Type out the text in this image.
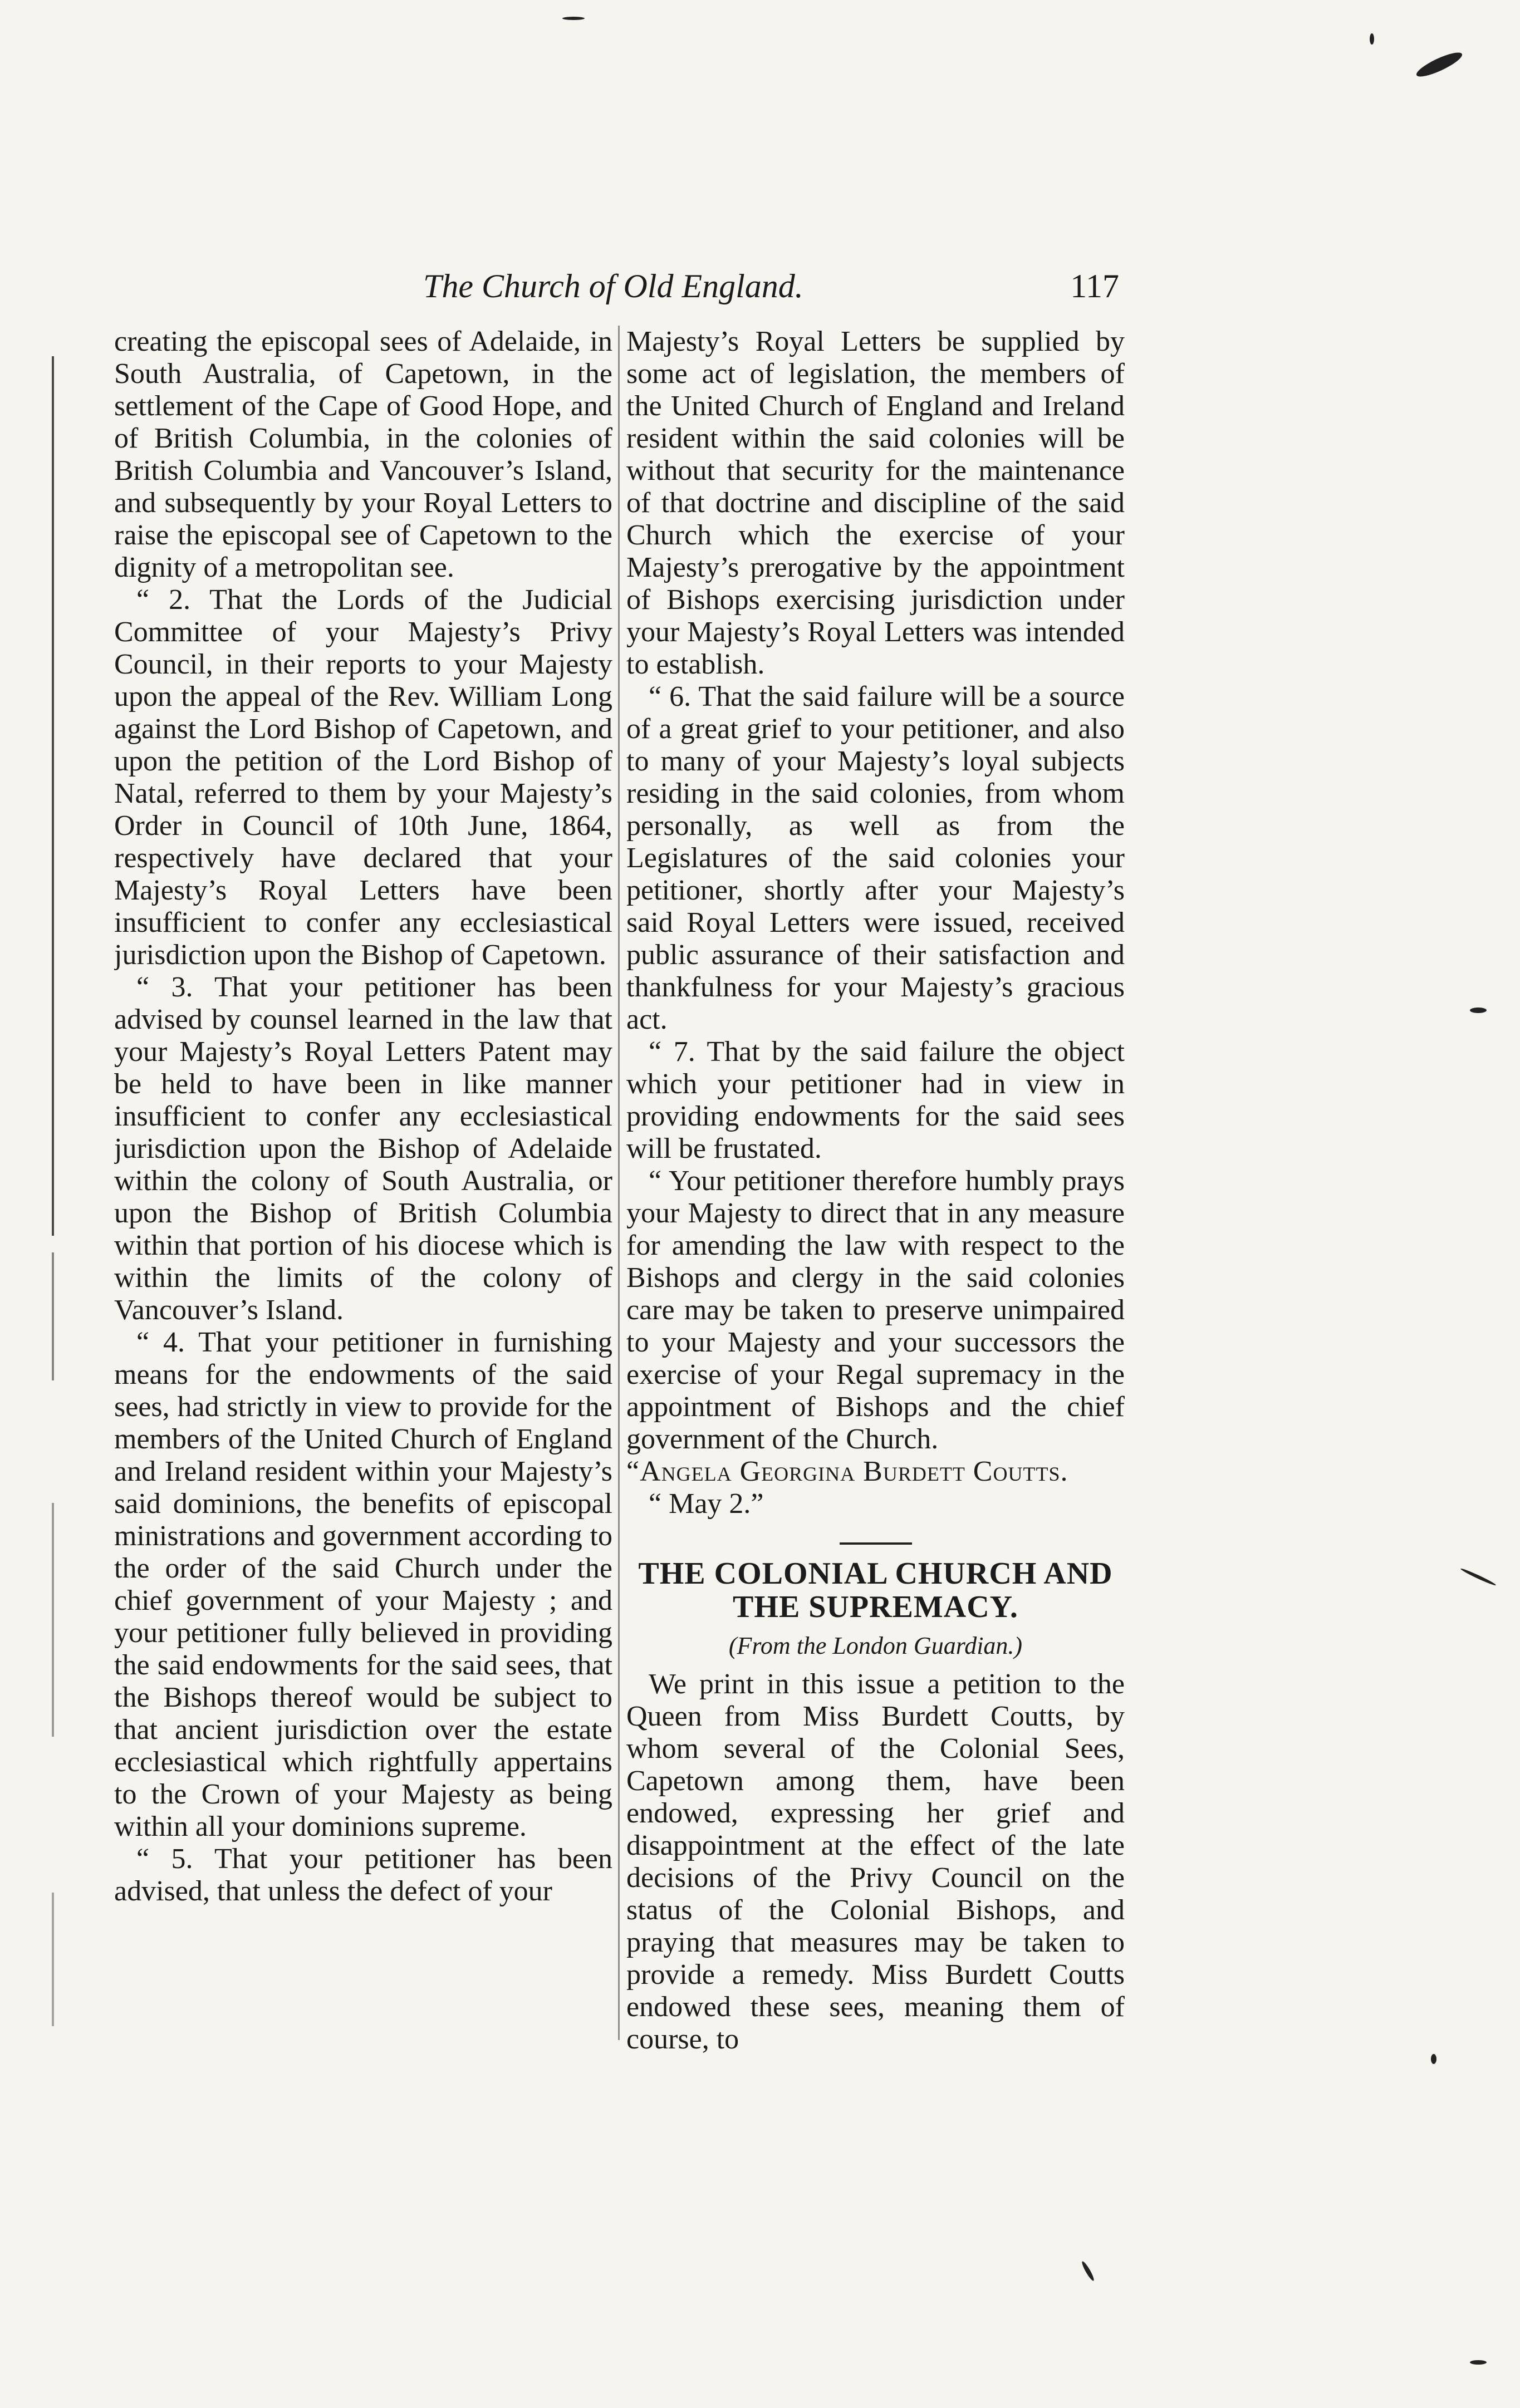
The Church of Old England.	117

creating the episcopal sees of Adelaide, in South Australia, of Capetown, in the settlement of the Cape of Good Hope, and of British Columbia, in the colonies of British Columbia and Vancouver’s Island, and subsequently by your Royal Letters to raise the episcopal see of Capetown to the dignity of a metropolitan see.

“ 2. That the Lords of the Judicial Committee of your Majesty’s Privy Council, in their reports to your Majesty upon the appeal of the Rev. William Long against the Lord Bishop of Capetown, and upon the petition of the Lord Bishop of Natal, referred to them by your Majesty’s Order in Council of 10th June, 1864, respectively have declared that your Majesty’s Royal Letters have been insufficient to confer any ecclesiastical jurisdiction upon the Bishop of Capetown.

“ 3. That your petitioner has been advised by counsel learned in the law that your Majesty’s Royal Letters Patent may be held to have been in like manner insufficient to confer any ecclesiastical jurisdiction upon the Bishop of Adelaide within the colony of South Australia, or upon the Bishop of British Columbia within that portion of his diocese which is within the limits of the colony of Vancouver’s Island.

“ 4. That your petitioner in furnishing means for the endowments of the said sees, had strictly in view to provide for the members of the United Church of England and Ireland resident within your Majesty’s said dominions, the benefits of episcopal ministrations and government according to the order of the said Church under the chief government of your Majesty ; and your petitioner fully believed in providing the said endowments for the said sees, that the Bishops thereof would be subject to that ancient jurisdiction over the estate ecclesiastical which rightfully appertains to the Crown of your Majesty as being within all your dominions supreme.

“ 5. That your petitioner has been advised, that unless the defect of your

Majesty’s Royal Letters be supplied by some act of legislation, the members of the United Church of England and Ireland resident within the said colonies will be without that security for the maintenance of that doctrine and discipline of the said Church which the exercise of your Majesty’s prerogative by the appointment of Bishops exercising jurisdiction under your Majesty’s Royal Letters was intended to establish.

“ 6. That the said failure will be a source of a great grief to your petitioner, and also to many of your Majesty’s loyal subjects residing in the said colonies, from whom personally, as well as from the Legislatures of the said colonies your petitioner, shortly after your Majesty’s said Royal Letters were issued, received public assurance of their satisfaction and thankfulness for your Majesty’s gracious act.

“ 7. That by the said failure the object which your petitioner had in view in providing endowments for the said sees will be frustated.

“ Your petitioner therefore humbly prays your Majesty to direct that in any measure for amending the law with respect to the Bishops and clergy in the said colonies care may be taken to preserve unimpaired to your Majesty and your successors the exercise of your Regal supremacy in the appointment of Bishops and the chief government of the Church.

“Angela Georgina Burdett Coutts.

“ May 2.”

THE COLONIAL CHURCH AND THE SUPREMACY.

(From the London Guardian.)

We print in this issue a petition to the Queen from Miss Burdett Coutts, by whom several of the Colonial Sees, Capetown among them, have been endowed, expressing her grief and disappointment at the effect of the late decisions of the Privy Council on the status of the Colonial Bishops, and praying that measures may be taken to provide a remedy. Miss Burdett Coutts endowed these sees, meaning them of course, to
